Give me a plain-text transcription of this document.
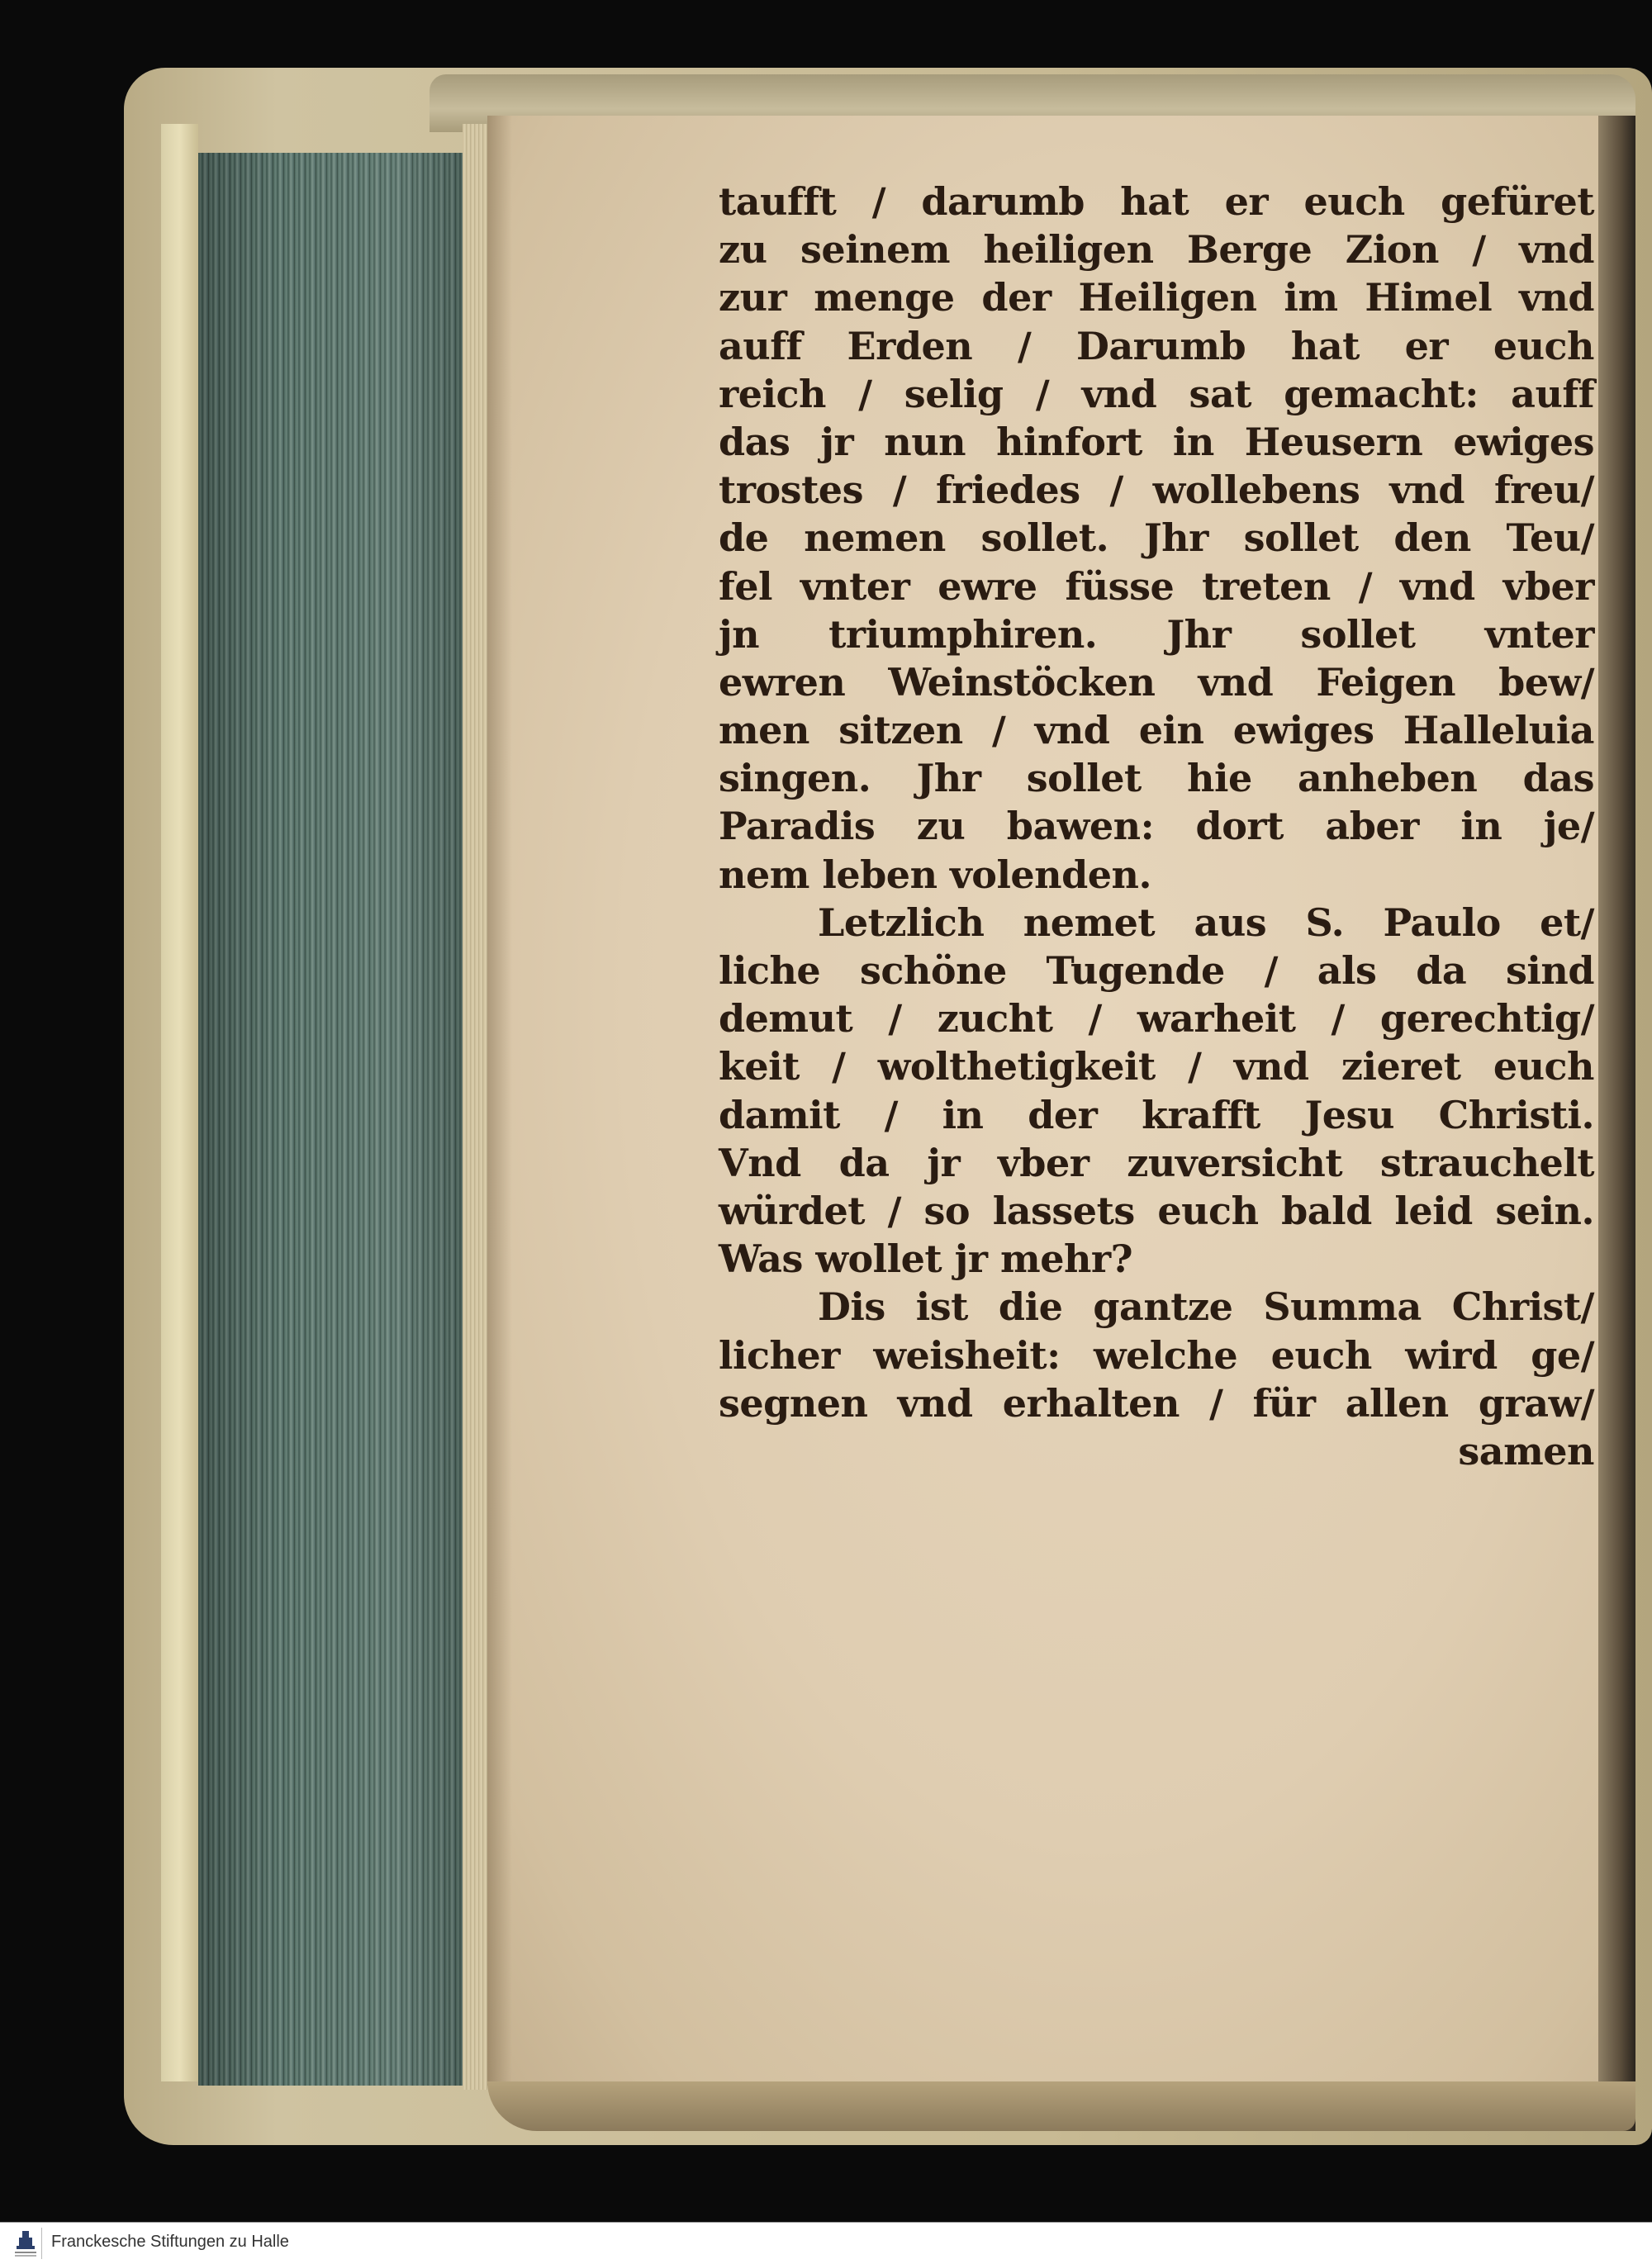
taufft / darumb hat er euch gefüret
zu seinem heiligen Berge Zion / vnd
zur menge der Heiligen im Himel vnd
auff Erden / Darumb hat er euch
reich / selig / vnd sat gemacht: auff
das jr nun hinfort in Heusern ewiges
trostes / friedes / wollebens vnd freu/
de nemen sollet. Jhr sollet den Teu/
fel vnter ewre füsse treten / vnd vber
jn triumphiren. Jhr sollet vnter
ewren Weinstöcken vnd Feigen bew/
men sitzen / vnd ein ewiges Halleluia
singen. Jhr sollet hie anheben das
Paradis zu bawen: dort aber in je/
nem leben volenden.
Letzlich nemet aus S. Paulo et/
liche schöne Tugende / als da sind
demut / zucht / warheit / gerechtig/
keit / wolthetigkeit / vnd zieret euch
damit / in der krafft Jesu Christi.
Vnd da jr vber zuversicht strauchelt
würdet / so lassets euch bald leid sein.
Was wollet jr mehr?
Dis ist die gantze Summa Christ/
licher weisheit: welche euch wird ge/
segnen vnd erhalten / für allen graw/
samen
Franckesche Stiftungen zu Halle
